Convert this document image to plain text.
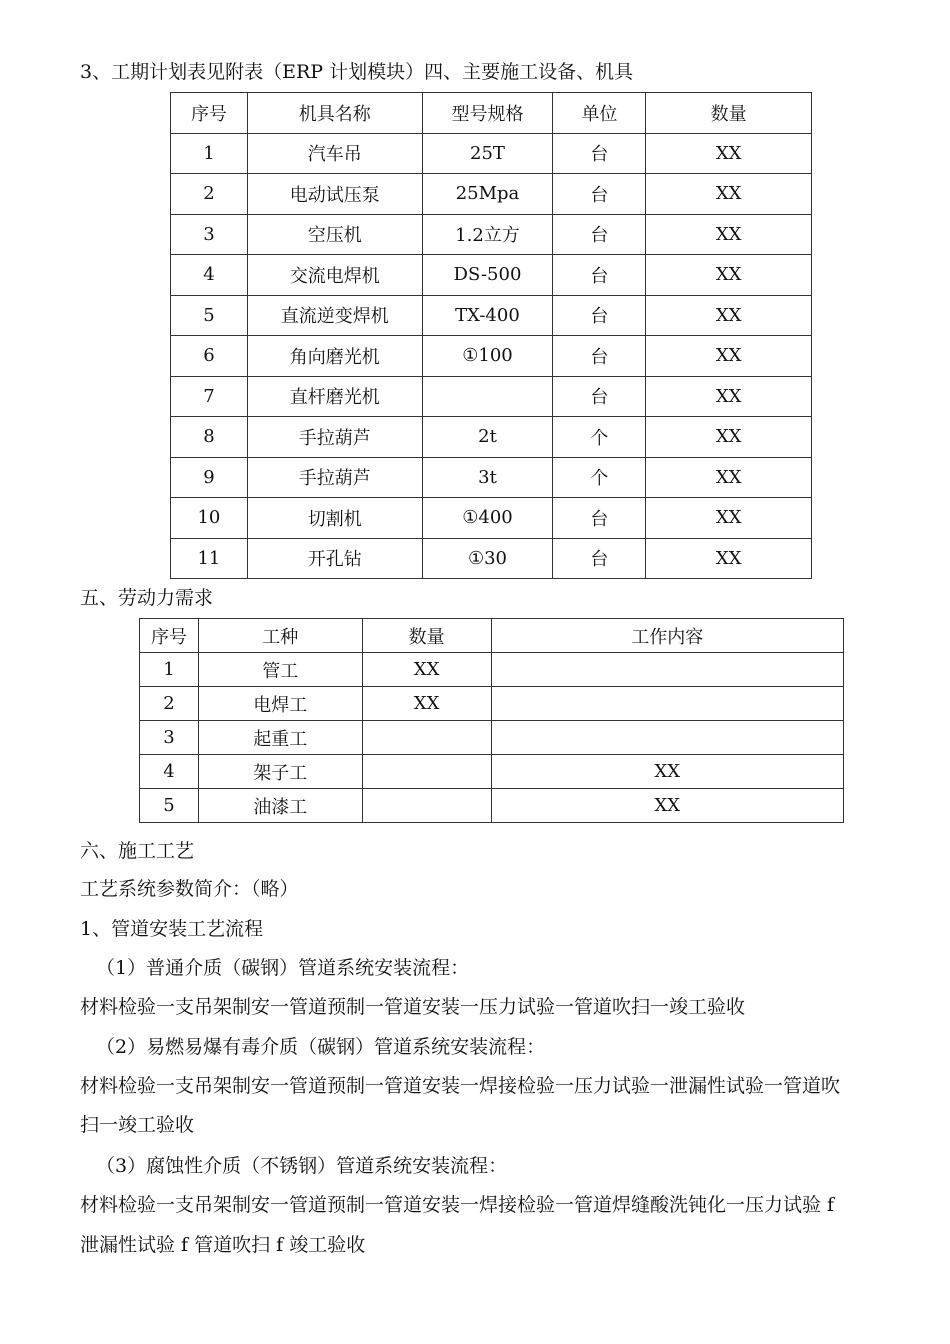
3、工期计划表见附表（ERP 计划模块）四、主要施工设备、机具
序号	机具名称	型号规格	单位	数量
1	汽车吊	25T	台	XX
2	电动试压泵	25Mpa	台	XX
3	空压机	1.2立方	台	XX
4	交流电焊机	DS-500	台	XX
5	直流逆变焊机	TX-400	台	XX
6	角向磨光机	①100	台	XX
7	直杆磨光机		台	XX
8	手拉葫芦	2t	个	XX
9	手拉葫芦	3t	个	XX
10	切割机	①400	台	XX
11	开孔钻	①30	台	XX
五、劳动力需求
序号	工种	数量	工作内容
1	管工	XX	
2	电焊工	XX	
3	起重工		
4	架子工		XX
5	油漆工		XX
六、施工工艺
工艺系统参数简介：（略）
1、管道安装工艺流程
（1）普通介质（碳钢）管道系统安装流程：
材料检验一支吊架制安一管道预制一管道安装一压力试验一管道吹扫一竣工验收
（2）易燃易爆有毒介质（碳钢）管道系统安装流程：
材料检验一支吊架制安一管道预制一管道安装一焊接检验一压力试验一泄漏性试验一管道吹
扫一竣工验收
（3）腐蚀性介质（不锈钢）管道系统安装流程：
材料检验一支吊架制安一管道预制一管道安装一焊接检验一管道焊缝酸洗钝化一压力试验 f
泄漏性试验 f 管道吹扫 f 竣工验收
